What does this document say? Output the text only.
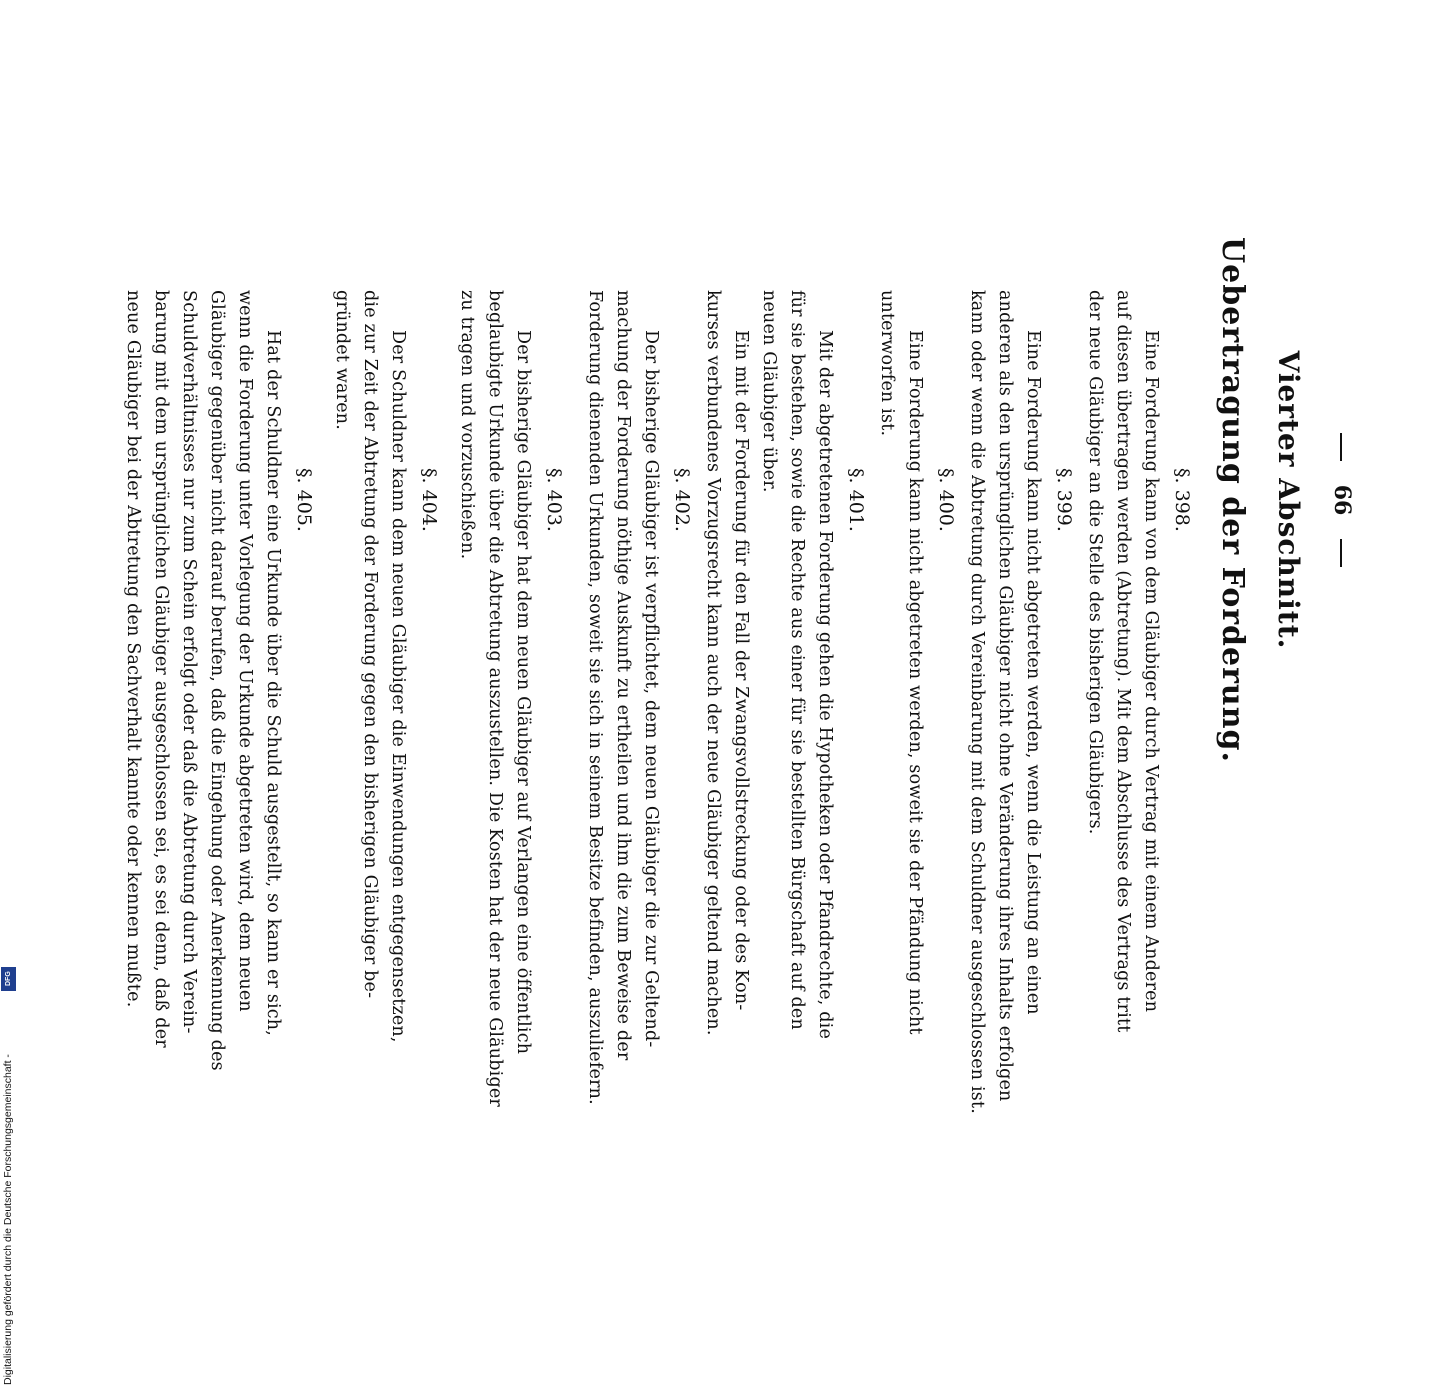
66
Vierter Abschnitt.
Uebertragung der Forderung.
§. 398.
Eine Forderung kann von dem Gläubiger durch Vertrag mit einem Anderen
auf diesen übertragen werden (Abtretung). Mit dem Abschlusse des Vertrags tritt
der neue Gläubiger an die Stelle des bisherigen Gläubigers.
§. 399.
Eine Forderung kann nicht abgetreten werden, wenn die Leistung an einen
anderen als den ursprünglichen Gläubiger nicht ohne Veränderung ihres Inhalts erfolgen
kann oder wenn die Abtretung durch Vereinbarung mit dem Schuldner ausgeschlossen ist.
§. 400.
Eine Forderung kann nicht abgetreten werden, soweit sie der Pfändung nicht
unterworfen ist.
§. 401.
Mit der abgetretenen Forderung gehen die Hypotheken oder Pfandrechte, die
für sie bestehen, sowie die Rechte aus einer für sie bestellten Bürgschaft auf den
neuen Gläubiger über.
Ein mit der Forderung für den Fall der Zwangsvollstreckung oder des Kon-
kurses verbundenes Vorzugsrecht kann auch der neue Gläubiger geltend machen.
§. 402.
Der bisherige Gläubiger ist verpflichtet, dem neuen Gläubiger die zur Geltend-
machung der Forderung nöthige Auskunft zu ertheilen und ihm die zum Beweise der
Forderung dienenden Urkunden, soweit sie sich in seinem Besitze befinden, auszuliefern.
§. 403.
Der bisherige Gläubiger hat dem neuen Gläubiger auf Verlangen eine öffentlich
beglaubigte Urkunde über die Abtretung auszustellen. Die Kosten hat der neue Gläubiger
zu tragen und vorzuschießen.
§. 404.
Der Schuldner kann dem neuen Gläubiger die Einwendungen entgegensetzen,
die zur Zeit der Abtretung der Forderung gegen den bisherigen Gläubiger be-
gründet waren.
§. 405.
Hat der Schuldner eine Urkunde über die Schuld ausgestellt, so kann er sich,
wenn die Forderung unter Vorlegung der Urkunde abgetreten wird, dem neuen
Gläubiger gegenüber nicht darauf berufen, daß die Eingehung oder Anerkennung des
Schuldverhältnisses nur zum Schein erfolgt oder daß die Abtretung durch Verein-
barung mit dem ursprünglichen Gläubiger ausgeschlossen sei, es sei denn, daß der
neue Gläubiger bei der Abtretung den Sachverhalt kannte oder kennen mußte.
Digitalisierung gefördert durch die Deutsche Forschungsgemeinschaft -
DFG
